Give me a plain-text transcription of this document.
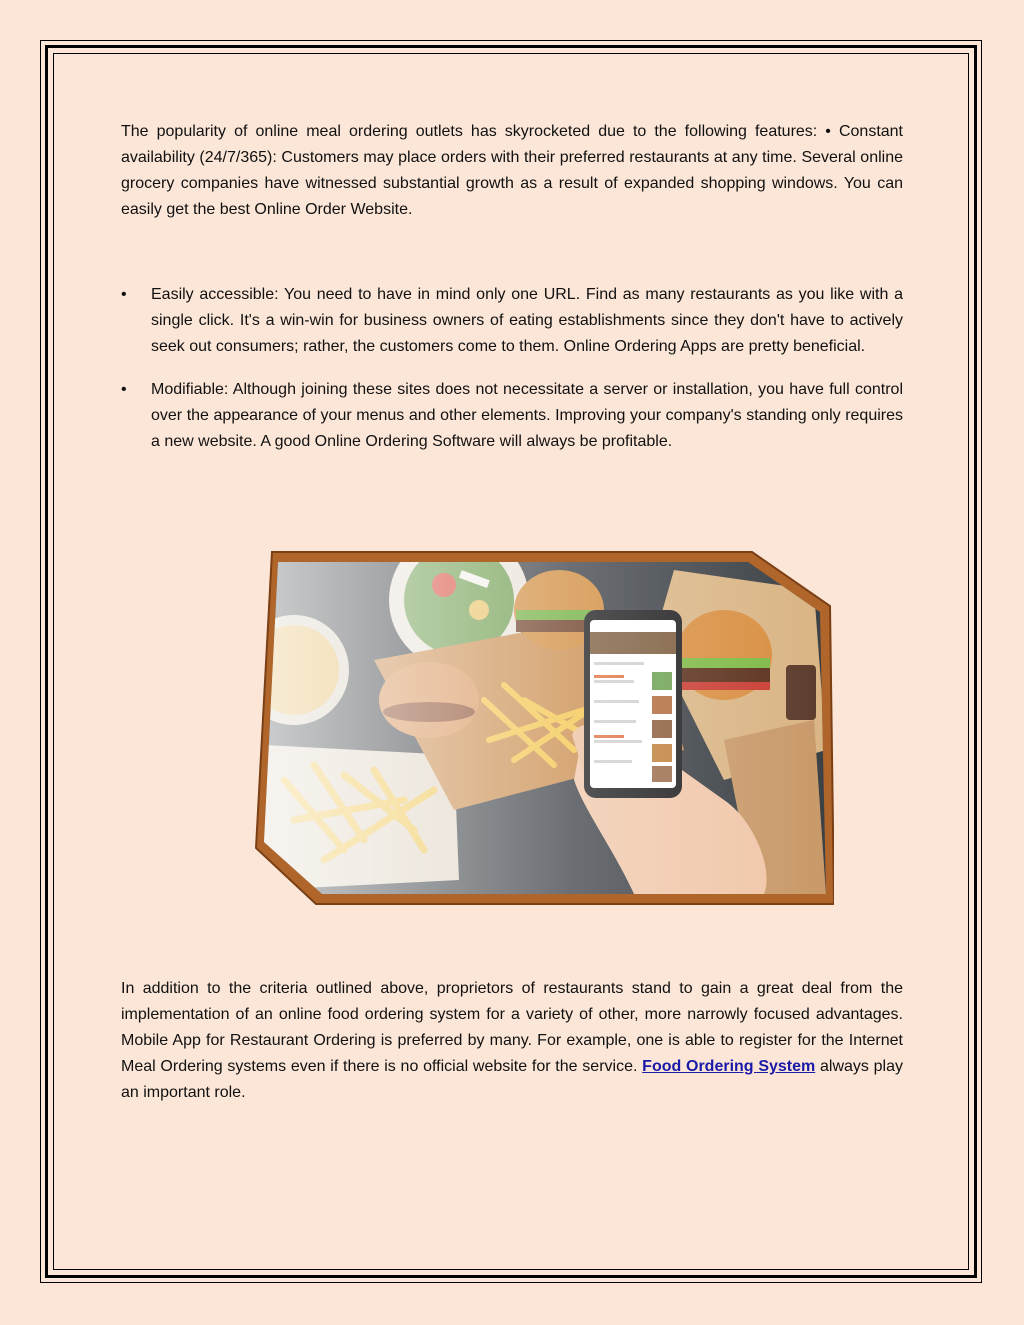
The popularity of online meal ordering outlets has skyrocketed due to the following features: • Constant availability (24/7/365): Customers may place orders with their preferred restaurants at any time. Several online grocery companies have witnessed substantial growth as a result of expanded shopping windows. You can easily get the best Online Order Website.

• Easily accessible: You need to have in mind only one URL. Find as many restaurants as you like with a single click. It's a win-win for business owners of eating establishments since they don't have to actively seek out consumers; rather, the customers come to them. Online Ordering Apps are pretty beneficial.
• Modifiable: Although joining these sites does not necessitate a server or installation, you have full control over the appearance of your menus and other elements. Improving your company's standing only requires a new website. A good Online Ordering Software will always be profitable.

In addition to the criteria outlined above, proprietors of restaurants stand to gain a great deal from the implementation of an online food ordering system for a variety of other, more narrowly focused advantages. Mobile App for Restaurant Ordering is preferred by many. For example, one is able to register for the Internet Meal Ordering systems even if there is no official website for the service. Food Ordering System always play an important role.
